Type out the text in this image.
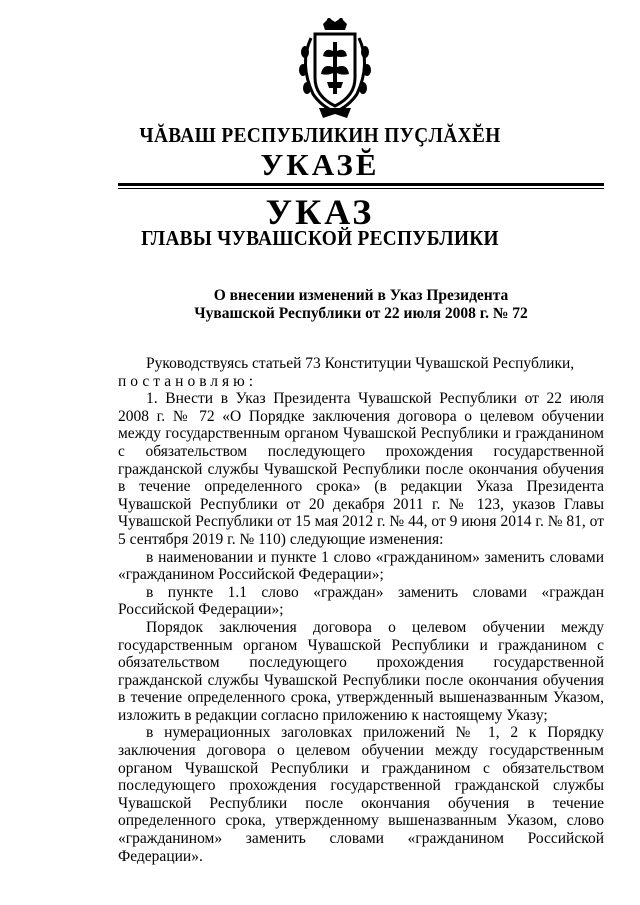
ЧĂВАШ РЕСПУБЛИКИН ПУҪЛĂХĔН
УКАЗĔ
УКАЗ
ГЛАВЫ ЧУВАШСКОЙ РЕСПУБЛИКИ
О внесении изменений в Указ Президента
Чувашской Республики от 22 июля 2008 г. № 72

Руководствуясь статьей 73 Конституции Чувашской Республики,

постановляю:

1. Внести в Указ Президента Чувашской Республики от 22 июля 2008 г. № 72 «О Порядке заключения договора о целевом обучении между государственным органом Чувашской Республики и гражданином с обязательством последующего прохождения государственной гражданской службы Чувашской Республики после окончания обучения в течение определенного срока» (в редакции Указа Президента Чувашской Республики от 20 декабря 2011 г. № 123, указов Главы Чувашской Республики от 15 мая 2012 г. № 44, от 9 июня 2014 г. № 81, от 5 сентября 2019 г. № 110) следующие изменения:

в наименовании и пункте 1 слово «гражданином» заменить словами «гражданином Российской Федерации»;

в пункте 1.1 слово «граждан» заменить словами «граждан Российской Федерации»;

Порядок заключения договора о целевом обучении между государственным органом Чувашской Республики и гражданином с обязательством последующего прохождения государственной гражданской службы Чувашской Республики после окончания обучения в течение определенного срока, утвержденный вышеназванным Указом, изложить в редакции согласно приложению к настоящему Указу;

в нумерационных заголовках приложений № 1, 2 к Порядку заключения договора о целевом обучении между государственным органом Чувашской Республики и гражданином с обязательством последующего прохождения государственной гражданской службы Чувашской Республики после окончания обучения в течение определенного срока, утвержденному вышеназванным Указом, слово «гражданином» заменить словами «гражданином Российской Федерации».
